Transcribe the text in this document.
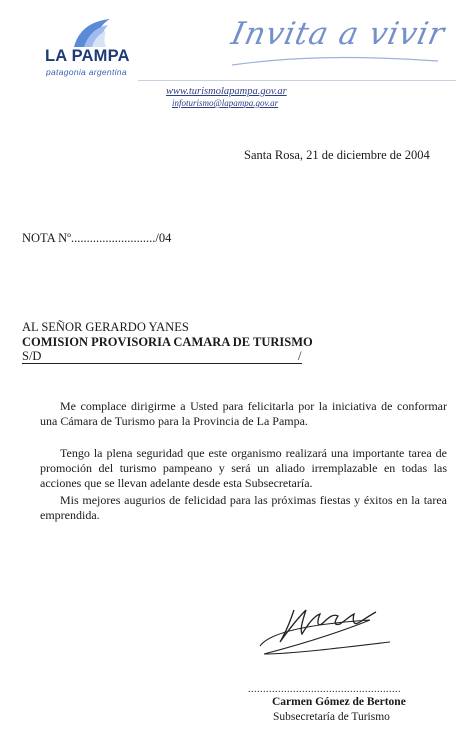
LA PAMPA
patagonia argentina
Invita a vivir
www.turismolapampa.gov.ar
infoturismo@lapampa.gov.ar
Santa Rosa, 21 de diciembre de 2004
NOTA Nº.........................../04
AL SEÑOR GERARDO YANES
COMISION PROVISORIA CAMARA DE TURISMO
S/D	/

Me complace dirigirme a Usted para felicitarla por la iniciativa de conformar una Cámara de Turismo para la Provincia de La Pampa.

Tengo la plena seguridad que este organismo realizará una importante tarea de promoción del turismo pampeano y será un aliado irremplazable en todas las acciones que se llevan adelante desde esta Subsecretaría.

Mis mejores augurios de felicidad para las próximas fiestas y éxitos en la tarea emprendida.

...................................................
Carmen Gómez de Bertone
Subsecretaría de Turismo
